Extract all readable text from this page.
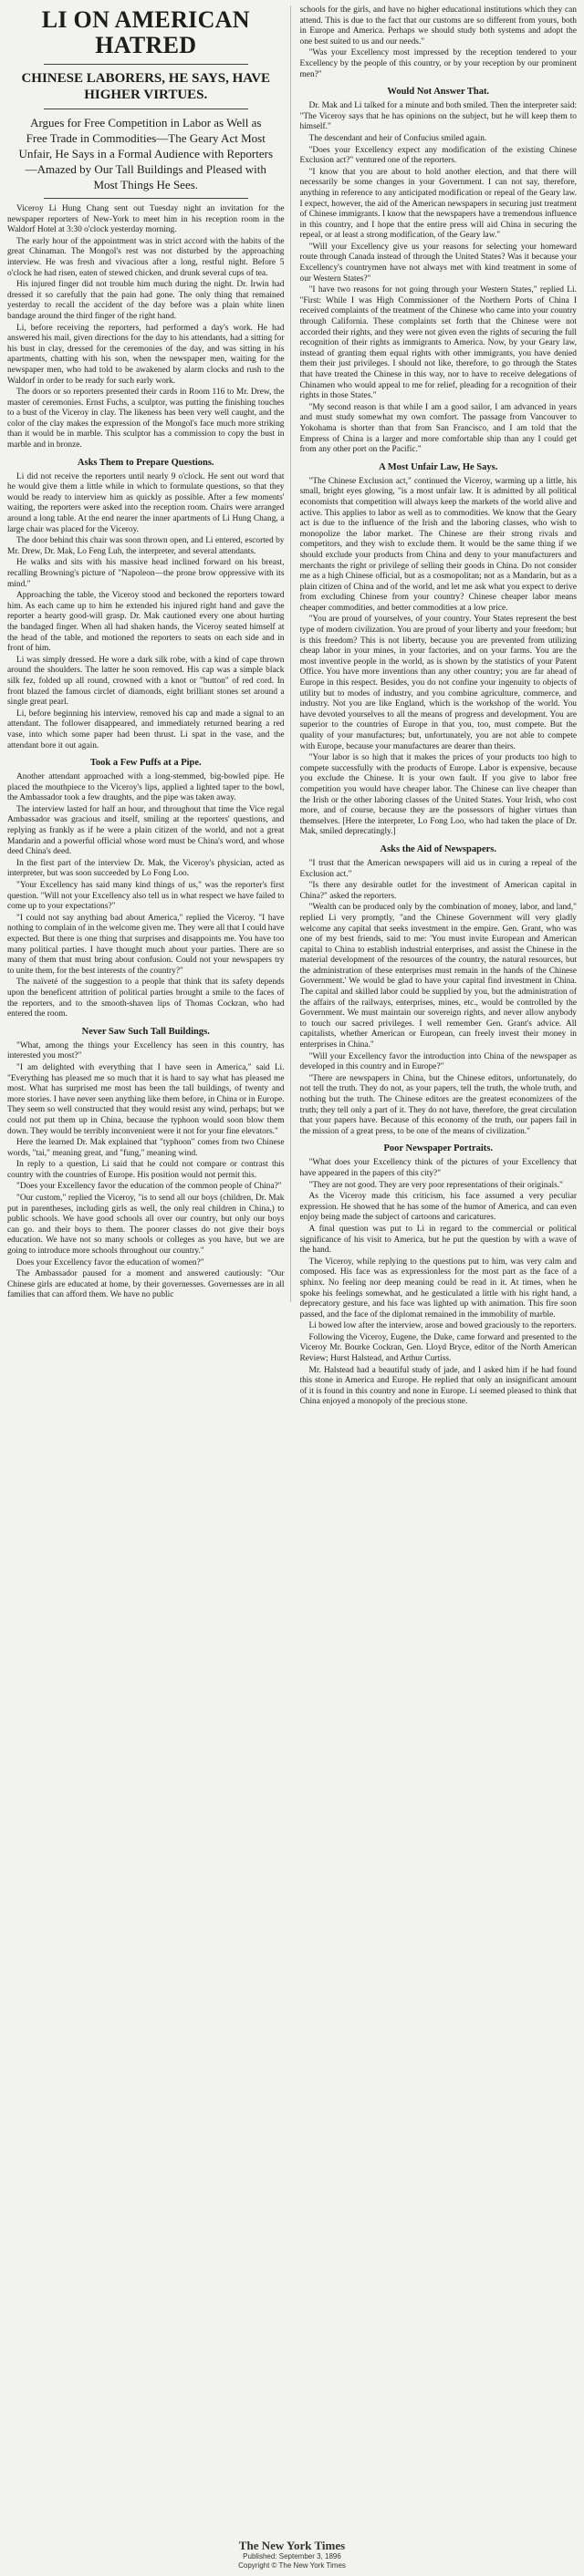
LI ON AMERICAN HATRED
CHINESE LABORERS, HE SAYS, HAVE HIGHER VIRTUES.
Argues for Free Competition in Labor as Well as Free Trade in Commodities—The Geary Act Most Unfair, He Says in a Formal Audience with Reporters—Amazed by Our Tall Buildings and Pleased with Most Things He Sees.
Viceroy Li Hung Chang sent out Tuesday night an invitation for the newspaper reporters of New-York to meet him in his reception room in the Waldorf Hotel at 3:30 o'clock yesterday morning.
The early hour of the appointment was in strict accord with the habits of the great Chinaman. The Mongol's rest was not disturbed by the approaching interview. He was fresh and vivacious after a long, restful night. Before 5 o'clock he had risen, eaten of stewed chicken, and drunk several cups of tea.
His injured finger did not trouble him much during the night. Dr. Irwin had dressed it so carefully that the pain had gone. The only thing that remained yesterday to recall the accident of the day before was a plain white linen bandage around the third finger of the right hand.
Li, before receiving the reporters, had performed a day's work. He had answered his mail, given directions for the day to his attendants, had a sitting for his bust in clay, dressed for the ceremonies of the day, and was sitting in his apartments, chatting with his son, when the newspaper men, waiting for the newspaper men, who had told to be awakened by alarm clocks and rush to the Waldorf in order to be ready for such early work.
The doors or so reporters presented their cards in Room 116 to Mr. Drew, the master of ceremonies. Ernst Fuchs, a sculptor, was putting the finishing touches to a bust of the Viceroy in clay. The likeness has been very well caught, and the color of the clay makes the expression of the Mongol's face much more striking than it would be in marble. This sculptor has a commission to copy the bust in marble and in bronze.
Asks Them to Prepare Questions.
Li did not receive the reporters until nearly 9 o'clock. He sent out word that he would give them a little while in which to formulate questions, so that they would be ready to interview him as quickly as possible. After a few moments' waiting, the reporters were asked into the reception room. Chairs were arranged around a long table. At the end nearer the inner apartments of Li Hung Chang, a large chair was placed for the Viceroy.
The door behind this chair was soon thrown open, and Li entered, escorted by Mr. Drew, Dr. Mak, Lo Feng Luh, the interpreter, and several attendants.
He walks and sits with his massive head inclined forward on his breast, recalling Browning's picture of "Napoleon—the prone brow oppressive with its mind."
Approaching the table, the Viceroy stood and beckoned the reporters toward him. As each came up to him he extended his injured right hand and gave the reporter a hearty good-will grasp. Dr. Mak cautioned every one about hurting the bandaged finger. When all had shaken hands, the Viceroy seated himself at the head of the table, and motioned the reporters to seats on each side and in front of him.
Li was simply dressed. He wore a dark silk robe, with a kind of cape thrown around the shoulders. The latter he soon removed. His cap was a simple black silk fez, folded up all round, crowned with a knot or "button" of red cord. In front blazed the famous circlet of diamonds, eight brilliant stones set around a single great pearl.
Li, before beginning his interview, removed his cap and made a signal to an attendant. The follower disappeared, and immediately returned bearing a red vase, into which some paper had been thrust. Li spat in the vase, and the attendant bore it out again.
Took a Few Puffs at a Pipe.
Another attendant approached with a long-stemmed, big-bowled pipe. He placed the mouthpiece to the Viceroy's lips, applied a lighted taper to the bowl, the Ambassador took a few draughts, and the pipe was taken away.
The interview lasted for half an hour, and throughout that time the Vice regal Ambassador was gracious and itself, smiling at the reporters' questions, and replying as frankly as if he were a plain citizen of the world, and not a great Mandarin and a powerful official whose word must be China's word, and whose deed China's deed.
In the first part of the interview Dr. Mak, the Viceroy's physician, acted as interpreter, but was soon succeeded by Lo Fong Loo.
"Your Excellency has said many kind things of us," was the reporter's first question. "Will not your Excellency also tell us in what respect we have failed to come up to your expectations?"
"I could not say anything bad about America," replied the Viceroy. "I have nothing to complain of in the welcome given me. They were all that I could have expected. But there is one thing that surprises and disappoints me. You have too many political parties. I have thought much about your parties. There are so many of them that must bring about confusion. Could not your newspapers try to unite them, for the best interests of the country?"
The naïveté of the suggestion to a people that think that its safety depends upon the beneficent attrition of political parties brought a smile to the faces of the reporters, and to the smooth-shaven lips of Thomas Cockran, who had entered the room.
Never Saw Such Tall Buildings.
"What, among the things your Excellency has seen in this country, has interested you most?"
"I am delighted with everything that I have seen in America," said Li. "Everything has pleased me so much that it is hard to say what has pleased me most. What has surprised me most has been the tall buildings, of twenty and more stories. I have never seen anything like them before, in China or in Europe. They seem so well constructed that they would resist any wind, perhaps; but we could not put them up in China, because the typhoon would soon blow them down. They would be terribly inconvenient were it not for your fine elevators."
Here the learned Dr. Mak explained that "typhoon" comes from two Chinese words, "tai," meaning great, and "fung," meaning wind.
In reply to a question, Li said that he could not compare or contrast this country with the countries of Europe. His position would not permit this.
"Does your Excellency favor the education of the common people of China?"
"Our custom," replied the Viceroy, "is to send all our boys (children, Dr. Mak put in parentheses, including girls as well, the only real children in China,) to public schools. We have good schools all over our country, but only our boys can go. and their boys to them. The poorer classes do not give their boys education. We have not so many schools or colleges as you have, but we are going to introduce more schools throughout our country."
Does your Excellency favor the education of women?"
The Ambassador paused for a moment and answered cautiously: "Our Chinese girls are educated at home, by their governesses. Governesses are in all families that can afford them. We have no public
schools for the girls, and have no higher educational institutions which they can attend. This is due to the fact that our customs are so different from yours, both in Europe and America. Perhaps we should study both systems and adopt the one best suited to us and our needs."
"Was your Excellency most impressed by the reception tendered to your Excellency by the people of this country, or by your reception by our prominent men?"
Would Not Answer That.
Dr. Mak and Li talked for a minute and both smiled. Then the interpreter said: "The Viceroy says that he has opinions on the subject, but he will keep them to himself."
The descendant and heir of Confucius smiled again.
"Does your Excellency expect any modification of the existing Chinese Exclusion act?" ventured one of the reporters.
"I know that you are about to hold another election, and that there will necessarily be some changes in your Government. I can not say, therefore, anything in reference to any anticipated modification or repeal of the Geary law. I expect, however, the aid of the American newspapers in securing just treatment of Chinese immigrants. I know that the newspapers have a tremendous influence in this country, and I hope that the entire press will aid China in securing the repeal, or at least a strong modification, of the Geary law."
"Will your Excellency give us your reasons for selecting your homeward route through Canada instead of through the United States? Was it because your Excellency's countrymen have not always met with kind treatment in some of our Western States?"
"I have two reasons for not going through your Western States," replied Li. "First: While I was High Commissioner of the Northern Ports of China I received complaints of the treatment of the Chinese who came into your country through California. These complaints set forth that the Chinese were not accorded their rights, and they were not given even the rights of securing the full recognition of their rights as immigrants to America. Now, by your Geary law, instead of granting them equal rights with other immigrants, you have denied them their just privileges. I should not like, therefore, to go through the States that have treated the Chinese in this way, nor to have to receive delegations of Chinamen who would appeal to me for relief, pleading for a recognition of their rights in those States."
"My second reason is that while I am a good sailor, I am advanced in years and must study somewhat my own comfort. The passage from Vancouver to Yokohama is shorter than that from San Francisco, and I am told that the Empress of China is a larger and more comfortable ship than any I could get from any other port on the Pacific."
A Most Unfair Law, He Says.
"The Chinese Exclusion act," continued the Viceroy, warming up a little, his small, bright eyes glowing, "is a most unfair law. It is admitted by all political economists that competition will always keep the markets of the world alive and active. This applies to labor as well as to commodities. We know that the Geary act is due to the influence of the Irish and the laboring classes, who wish to monopolize the labor market. The Chinese are their strong rivals and competitors, and they wish to exclude them. It would be the same thing if we should exclude your products from China and deny to your manufacturers and merchants the right or privilege of selling their goods in China. Do not consider me as a high Chinese official, but as a cosmopolitan; not as a Mandarin, but as a plain citizen of China and of the world, and let me ask what you expect to derive from excluding Chinese from your country? Chinese cheaper labor means cheaper commodities, and better commodities at a low price.
"You are proud of yourselves, of your country. Your States represent the best type of modern civilization. You are proud of your liberty and your freedom; but is this freedom? This is not liberty, because you are prevented from utilizing cheap labor in your mines, in your factories, and on your farms. You are the most inventive people in the world, as is shown by the statistics of your Patent Office. You have more inventions than any other country; you are far ahead of Europe in this respect. Besides, you do not confine your ingenuity to objects of utility but to modes of industry, and you combine agriculture, commerce, and industry. Not you are like England, which is the workshop of the world. You have devoted yourselves to all the means of progress and development. You are superior to the countries of Europe in that you, too, must compete. But the quality of your manufactures; but, unfortunately, you are not able to compete with Europe, because your manufactures are dearer than theirs.
"Your labor is so high that it makes the prices of your products too high to compete successfully with the products of Europe. Labor is expensive, because you exclude the Chinese. It is your own fault. If you give to labor free competition you would have cheaper labor. The Chinese can live cheaper than the Irish or the other laboring classes of the United States. Your Irish, who cost more, and of course, because they are the possessors of higher virtues than themselves. [Here the interpreter, Lo Fong Loo, who had taken the place of Dr. Mak, smiled deprecatingly.]
Asks the Aid of Newspapers.
"I trust that the American newspapers will aid us in curing a repeal of the Exclusion act."
"Is there any desirable outlet for the investment of American capital in China?" asked the reporters.
"Wealth can be produced only by the combination of money, labor, and land," replied Li very promptly, "and the Chinese Government will very gladly welcome any capital that seeks investment in the empire. Gen. Grant, who was one of my best friends, said to me: 'You must invite European and American capital to China to establish industrial enterprises, and assist the Chinese in the material development of the resources of the country, the natural resources, but the administration of these enterprises must remain in the hands of the Chinese Government.' We would be glad to have your capital find investment in China. The capital and skilled labor could be supplied by you, but the administration of the affairs of the railways, enterprises, mines, etc., would be controlled by the Government. We must maintain our sovereign rights, and never allow anybody to touch our sacred privileges. I well remember Gen. Grant's advice. All capitalists, whether American or European, can freely invest their money in enterprises in China."
"Will your Excellency favor the introduction into China of the newspaper as developed in this country and in Europe?"
"There are newspapers in China, but the Chinese editors, unfortunately, do not tell the truth. They do not, as your papers, tell the truth, the whole truth, and nothing but the truth. The Chinese editors are the greatest economizers of the truth; they tell only a part of it. They do not have, therefore, the great circulation that your papers have. Because of this economy of the truth, our papers fail in the mission of a great press, to be one of the means of civilization."
Poor Newspaper Portraits.
"What does your Excellency think of the pictures of your Excellency that have appeared in the papers of this city?"
"They are not good. They are very poor representations of their originals."
As the Viceroy made this criticism, his face assumed a very peculiar expression. He showed that he has some of the humor of America, and can even enjoy being made the subject of cartoons and caricatures.
A final question was put to Li in regard to the commercial or political significance of his visit to America, but he put the question by with a wave of the hand.
The Viceroy, while replying to the questions put to him, was very calm and composed. His face was as expressionless for the most part as the face of a sphinx. No feeling nor deep meaning could be read in it. At times, when he spoke his feelings somewhat, and he gesticulated a little with his right hand, a deprecatory gesture, and his face was lighted up with animation. This fire soon passed, and the face of the diplomat remained in the immobility of marble.
Li bowed low after the interview, arose and bowed graciously to the reporters.
Following the Viceroy, Eugene, the Duke, came forward and presented to the Viceroy Mr. Bourke Cockran, Gen. Lloyd Bryce, editor of the North American Review; Hurst Halstead, and Arthur Curtiss.
Mr. Halstead had a beautiful study of jade, and I asked him if he had found this stone in America and Europe. He replied that only an insignificant amount of it is found in this country and none in Europe. Li seemed pleased to think that China enjoyed a monopoly of the precious stone.
The New York Times
Published: September 3, 1896
Copyright © The New York Times
